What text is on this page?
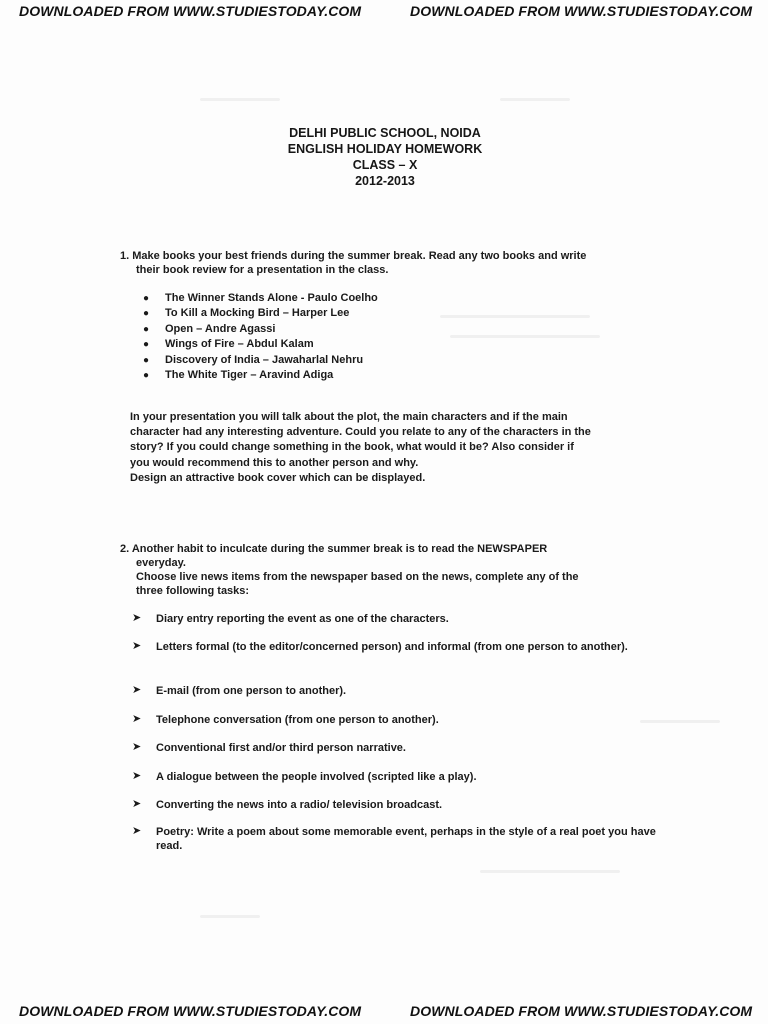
DOWNLOADED FROM WWW.STUDIESTODAY.COM	DOWNLOADED FROM WWW.STUDIESTODAY.COM
DOWNLOADED FROM WWW.STUDIESTODAY.COM	DOWNLOADED FROM WWW.STUDIESTODAY.COM
DELHI PUBLIC SCHOOL, NOIDA
ENGLISH HOLIDAY HOMEWORK
CLASS – X
2012-2013
1. Make books your best friends during the summer break. Read any two books and write
their book review for a presentation in the class.
● The Winner Stands Alone - Paulo Coelho
● To Kill a Mocking Bird – Harper Lee
● Open – Andre Agassi
● Wings of Fire – Abdul Kalam
● Discovery of India – Jawaharlal Nehru
● The White Tiger – Aravind Adiga

In your presentation you will talk about the plot, the main characters and if the main

character had any interesting adventure. Could you relate to any of the characters in the

story? If you could change something in the book, what would it be? Also consider if

you would recommend this to another person and why.

Design an attractive book cover which can be displayed.

2. Another habit to inculcate during the summer break is to read the NEWSPAPER
everyday.
Choose live news items from the newspaper based on the news, complete any of the
three following tasks:
➤ Diary entry reporting the event as one of the characters.
➤ Letters formal (to the editor/concerned person) and informal (from one person to another).
➤ E-mail (from one person to another).
➤ Telephone conversation (from one person to another).
➤ Conventional first and/or third person narrative.
➤ A dialogue between the people involved (scripted like a play).
➤ Converting the news into a radio/ television broadcast.
➤ Poetry: Write a poem about some memorable event, perhaps in the style of a real poet you have read.
